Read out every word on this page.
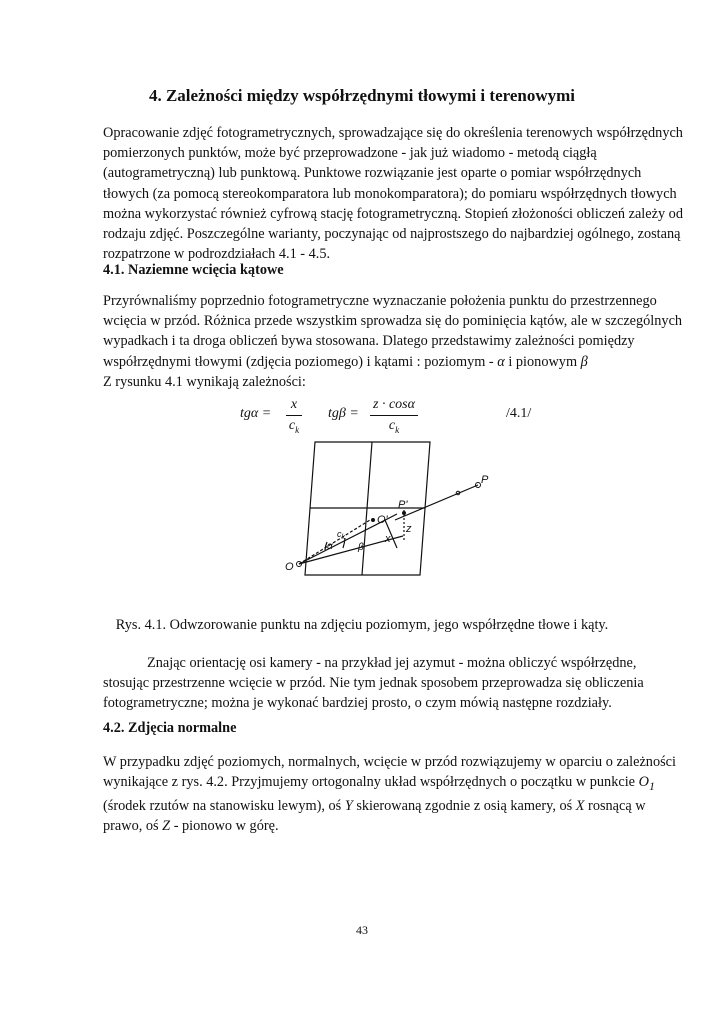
4. Zależności między współrzędnymi tłowymi i terenowymi

Opracowanie zdjęć fotogrametrycznych, sprowadzające się do określenia terenowych współrzędnych pomierzonych punktów, może być przeprowadzone - jak już wiadomo - metodą ciągłą (autogrametryczną) lub punktową. Punktowe rozwiązanie jest oparte o pomiar współrzędnych tłowych (za pomocą stereokomparatora lub monokomparatora); do pomiaru współrzędnych tłowych można wykorzystać również cyfrową stację fotogrametryczną. Stopień złożoności obliczeń zależy od rodzaju zdjęć. Poszczególne warianty, poczynając od najprostszego do najbardziej ogólnego, zostaną rozpatrzone w podrozdziałach 4.1 - 4.5.

4.1. Naziemne wcięcia kątowe

Przyrównaliśmy poprzednio fotogrametryczne wyznaczanie położenia punktu do przestrzennego wcięcia w przód. Różnica przede wszystkim sprowadza się do pominięcia kątów, ale w szczególnych wypadkach i ta droga obliczeń bywa stosowana. Dlatego przedstawimy zależności pomiędzy współrzędnymi tłowymi (zdjęcia poziomego) i kątami : poziomym - α i pionowym β
Z rysunku 4.1 wynikają zależności:

tgα =
x
$c_k$
tgβ =
z · cosα
$c_k$
/4.1/
O
O'
P
P'
$c_k$	x
z
α	β

Rys. 4.1. Odwzorowanie punktu na zdjęciu poziomym, jego współrzędne tłowe i kąty.

Znając orientację osi kamery - na przykład jej azymut - można obliczyć współrzędne, stosując przestrzenne wcięcie w przód. Nie tym jednak sposobem przeprowadza się obliczenia fotogrametryczne; można je wykonać bardziej prosto, o czym mówią następne rozdziały.

4.2. Zdjęcia normalne

W przypadku zdjęć poziomych, normalnych, wcięcie w przód rozwiązujemy w oparciu o zależności wynikające z rys. 4.2. Przyjmujemy ortogonalny układ współrzędnych o początku w punkcie $O_1$ (środek rzutów na stanowisku lewym), oś Y skierowaną zgodnie z osią kamery, oś X rosnącą w prawo, oś Z - pionowo w górę.

43
